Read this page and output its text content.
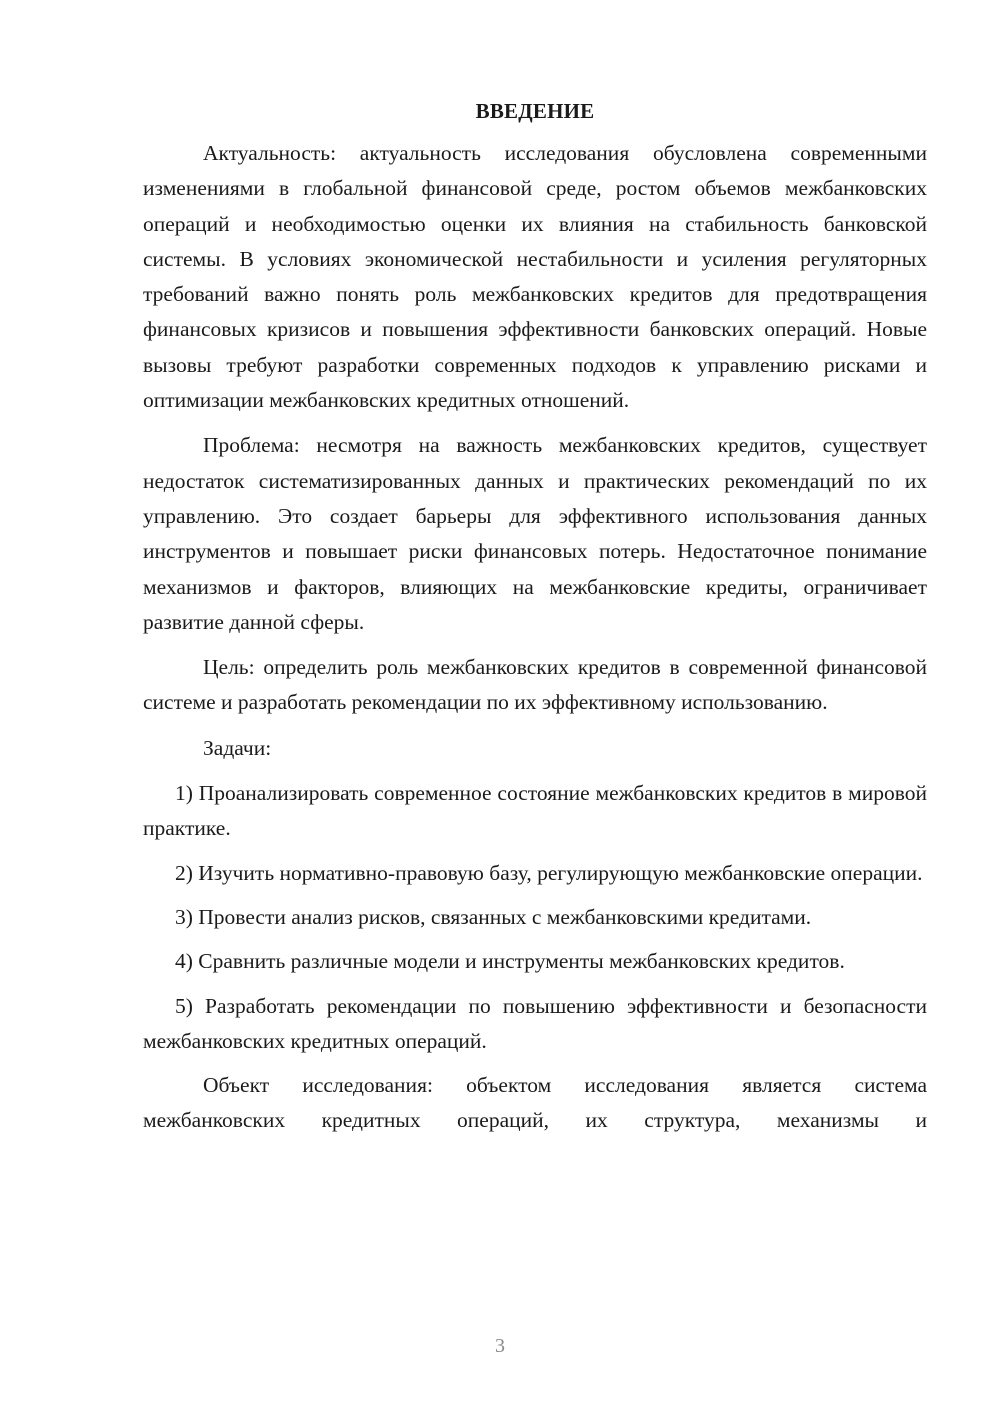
ВВЕДЕНИЕ

Актуальность: актуальность исследования обусловлена современными изменениями в глобальной финансовой среде, ростом объемов межбанковских операций и необходимостью оценки их влияния на стабильность банковской системы. В условиях экономической нестабильности и усиления регуляторных требований важно понять роль межбанковских кредитов для предотвращения финансовых кризисов и повышения эффективности банковских операций. Новые вызовы требуют разработки современных подходов к управлению рисками и оптимизации межбанковских кредитных отношений.

Проблема: несмотря на важность межбанковских кредитов, существует недостаток систематизированных данных и практических рекомендаций по их управлению. Это создает барьеры для эффективного использования данных инструментов и повышает риски финансовых потерь. Недостаточное понимание механизмов и факторов, влияющих на межбанковские кредиты, ограничивает развитие данной сферы.

Цель: определить роль межбанковских кредитов в современной финансовой системе и разработать рекомендации по их эффективному использованию.

Задачи:

1) Проанализировать современное состояние межбанковских кредитов в мировой практике.

2) Изучить нормативно-правовую базу, регулирующую межбанковские операции.

3) Провести анализ рисков, связанных с межбанковскими кредитами.

4) Сравнить различные модели и инструменты межбанковских кредитов.

5) Разработать рекомендации по повышению эффективности и безопасности межбанковских кредитных операций.

Объект исследования: объектом исследования является система межбанковских кредитных операций, их структура, механизмы и

3
